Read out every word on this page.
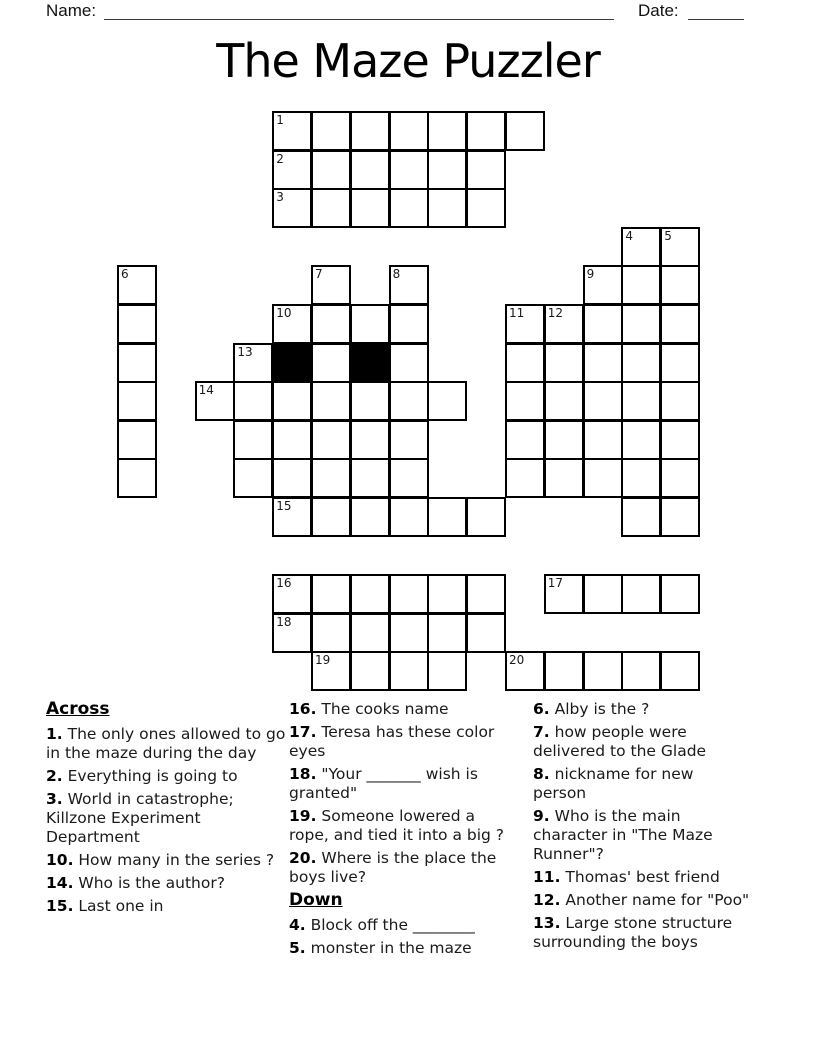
Name:	Date:
The Maze Puzzler
1
2
3
4	5
6	7	8	9
10	11 12
13
14
15
16	17
18
19	20
Across
1. The only ones allowed to go in the maze during the day
2. Everything is going to
3. World in catastrophe; Killzone Experiment Department
10. How many in the series ?
14. Who is the author?
15. Last one in
16. The cooks name
17. Teresa has these color eyes
18. "Your _______ wish is granted"
19. Someone lowered a rope, and tied it into a big ?
20. Where is the place the boys live?
Down
4. Block off the ________
5. monster in the maze
6. Alby is the ?
7. how people were delivered to the Glade
8. nickname for new person
9. Who is the main character in "The Maze Runner"?
11. Thomas' best friend
12. Another name for "Poo"
13. Large stone structure surrounding the boys
